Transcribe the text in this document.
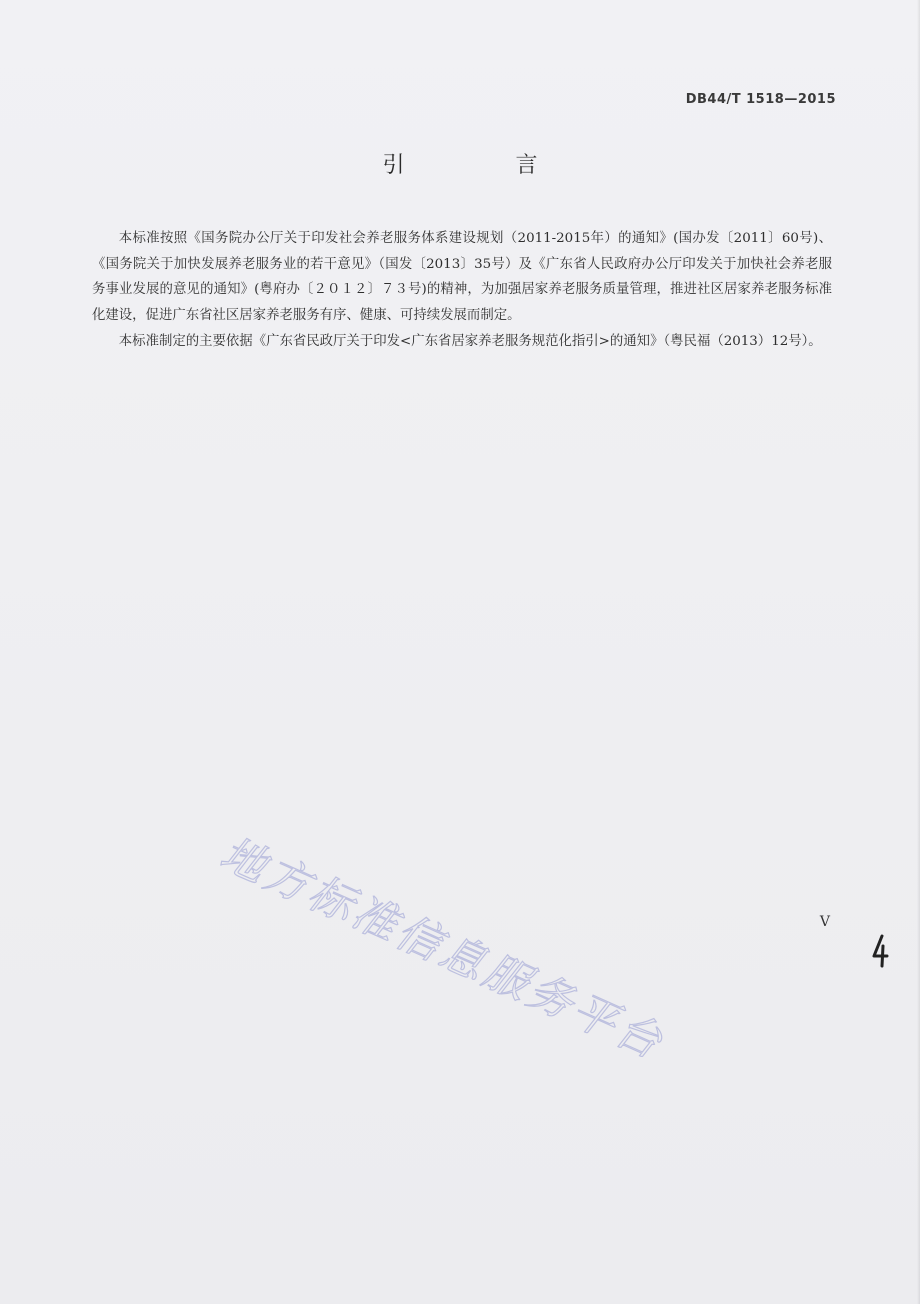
DB44/T 1518—2015
引 言

本标准按照《国务院办公厅关于印发社会养老服务体系建设规划（2011-2015年）的通知》(国办发〔2011〕60号)、《国务院关于加快发展养老服务业的若干意见》（国发〔2013〕35号）及《广东省人民政府办公厅印发关于加快社会养老服务事业发展的意见的通知》(粤府办〔２０１２〕７３号)的精神，为加强居家养老服务质量管理，推进社区居家养老服务标准化建设，促进广东省社区居家养老服务有序、健康、可持续发展而制定。

本标准制定的主要依据《广东省民政厅关于印发<广东省居家养老服务规范化指引>的通知》（粤民福（2013）12号）。

地方标准信息服务平台	V
